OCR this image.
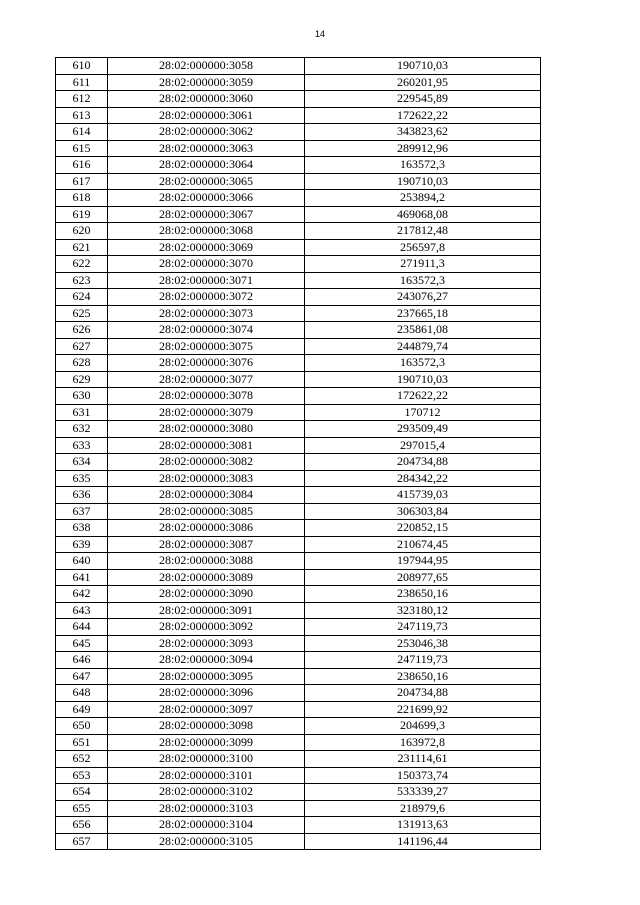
14
610	28:02:000000:3058	190710,03
611	28:02:000000:3059	260201,95
612	28:02:000000:3060	229545,89
613	28:02:000000:3061	172622,22
614	28:02:000000:3062	343823,62
615	28:02:000000:3063	289912,96
616	28:02:000000:3064	163572,3
617	28:02:000000:3065	190710,03
618	28:02:000000:3066	253894,2
619	28:02:000000:3067	469068,08
620	28:02:000000:3068	217812,48
621	28:02:000000:3069	256597,8
622	28:02:000000:3070	271911,3
623	28:02:000000:3071	163572,3
624	28:02:000000:3072	243076,27
625	28:02:000000:3073	237665,18
626	28:02:000000:3074	235861,08
627	28:02:000000:3075	244879,74
628	28:02:000000:3076	163572,3
629	28:02:000000:3077	190710,03
630	28:02:000000:3078	172622,22
631	28:02:000000:3079	170712
632	28:02:000000:3080	293509,49
633	28:02:000000:3081	297015,4
634	28:02:000000:3082	204734,88
635	28:02:000000:3083	284342,22
636	28:02:000000:3084	415739,03
637	28:02:000000:3085	306303,84
638	28:02:000000:3086	220852,15
639	28:02:000000:3087	210674,45
640	28:02:000000:3088	197944,95
641	28:02:000000:3089	208977,65
642	28:02:000000:3090	238650,16
643	28:02:000000:3091	323180,12
644	28:02:000000:3092	247119,73
645	28:02:000000:3093	253046,38
646	28:02:000000:3094	247119,73
647	28:02:000000:3095	238650,16
648	28:02:000000:3096	204734,88
649	28:02:000000:3097	221699,92
650	28:02:000000:3098	204699,3
651	28:02:000000:3099	163972,8
652	28:02:000000:3100	231114,61
653	28:02:000000:3101	150373,74
654	28:02:000000:3102	533339,27
655	28:02:000000:3103	218979,6
656	28:02:000000:3104	131913,63
657	28:02:000000:3105	141196,44
